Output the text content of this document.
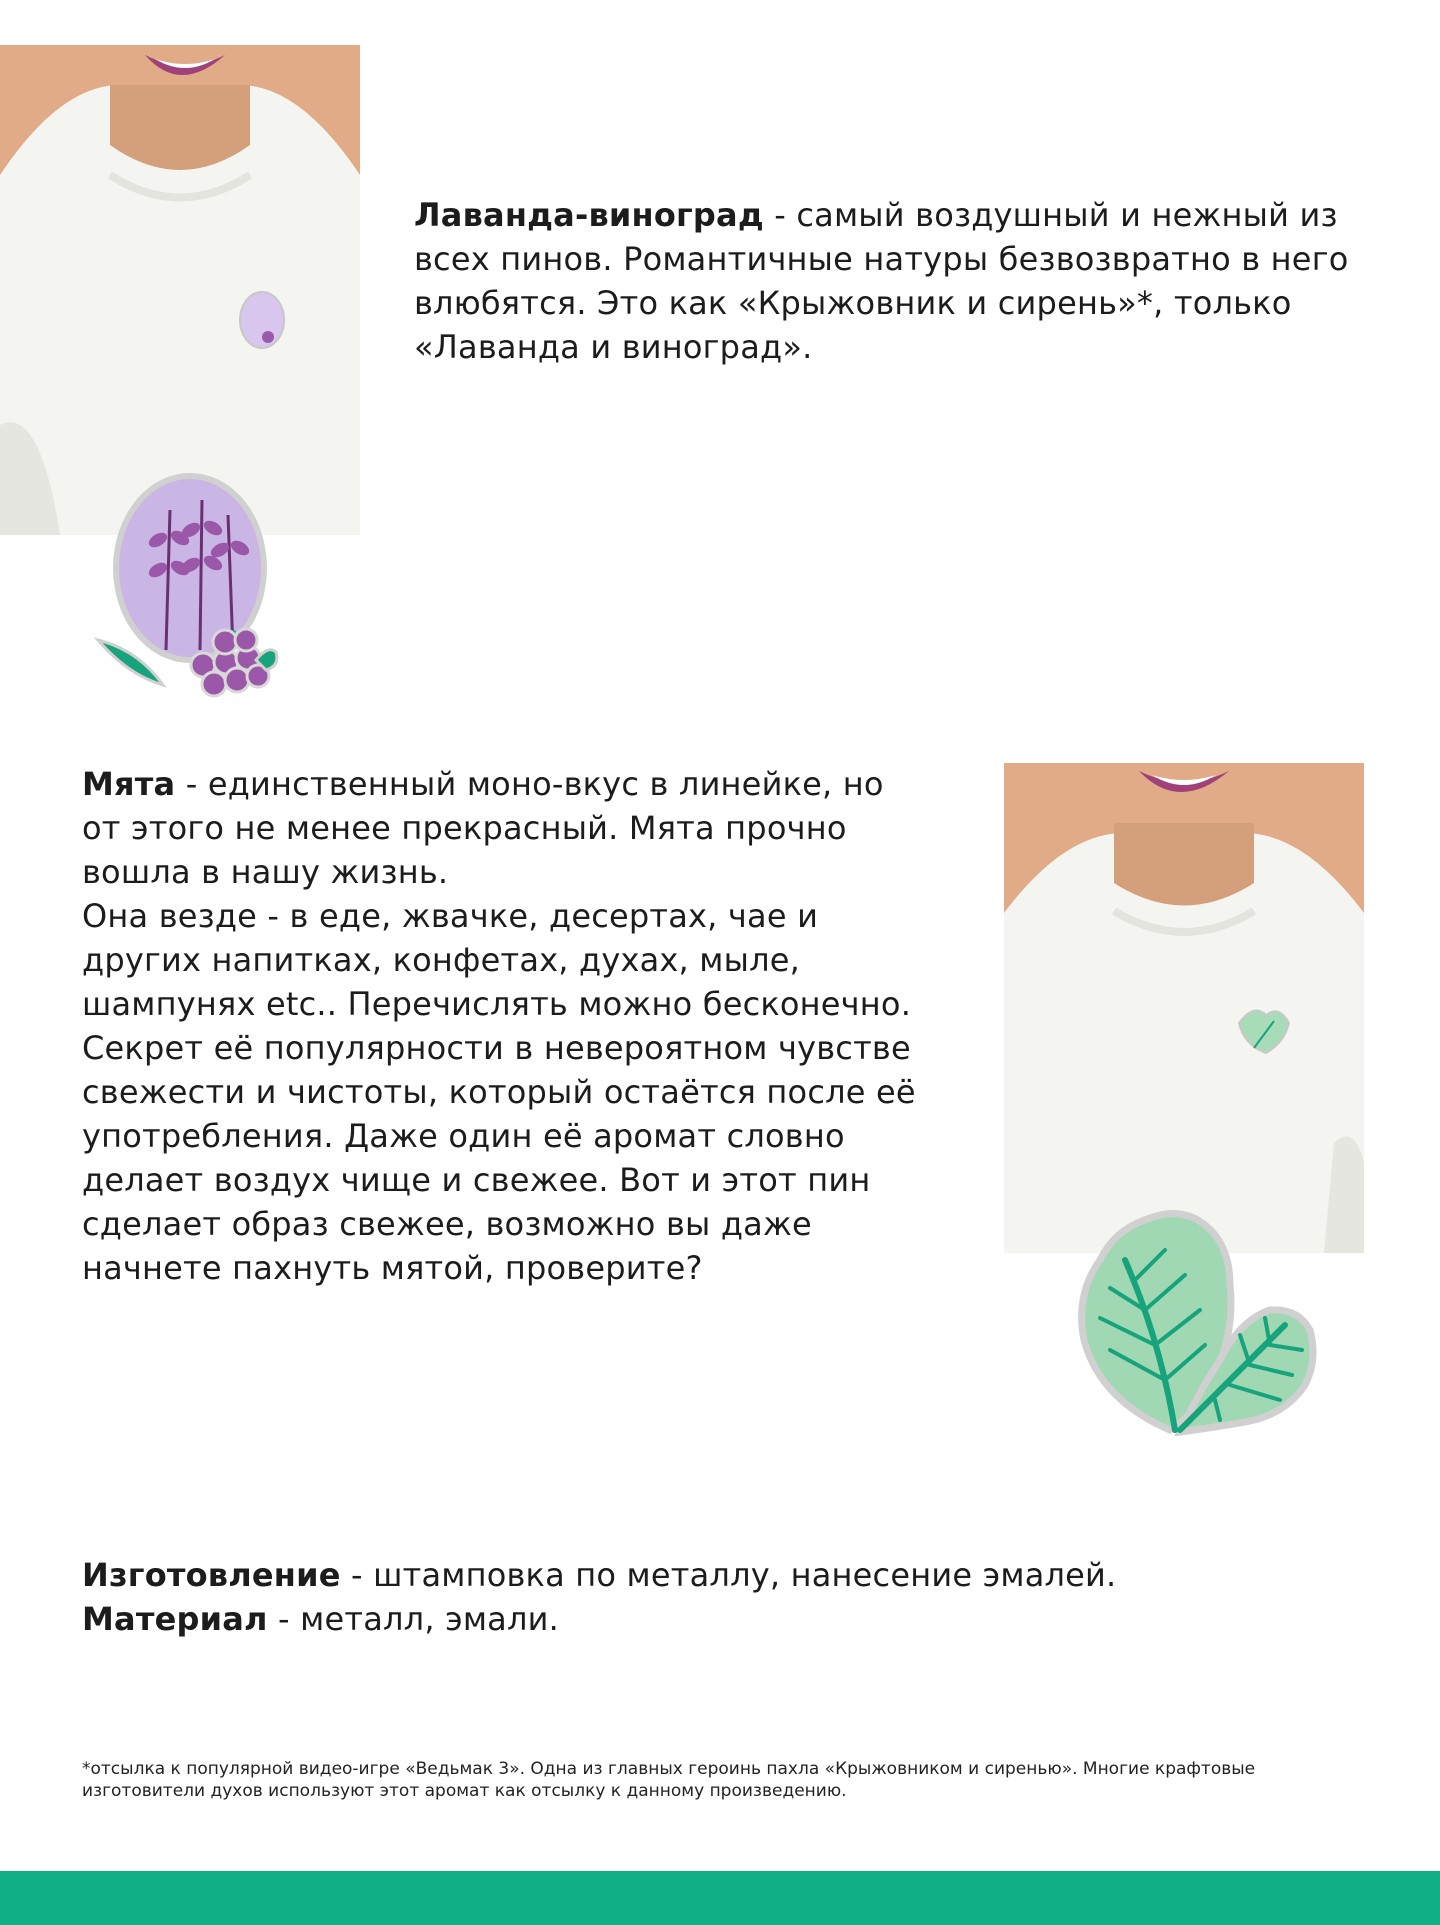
Лаванда-виноград - самый воздушный и нежный из всех пинов. Романтичные натуры безвозвратно в него влюбятся. Это как «Крыжовник и сирень»*, только «Лаванда и виноград».

Мята - единственный моно-вкус в линейке, но от этого не менее прекрасный. Мята прочно вошла в нашу жизнь.

Она везде - в еде, жвачке, десертах, чае и других напитках, конфетах, духах, мыле, шампунях etc.. Перечислять можно бесконечно. Секрет её популярности в невероятном чувстве свежести и чистоты, который остаётся после её употребления. Даже один её аромат словно делает воздух чище и свежее. Вот и этот пин сделает образ свежее, возможно вы даже начнете пахнуть мятой, проверите?

Изготовление - штамповка по металлу, нанесение эмалей.

Материал - металл, эмали.

*отсылка к популярной видео-игре «Ведьмак 3». Одна из главных героинь пахла «Крыжовником и сиренью». Многие крафтовые изготовители духов используют этот аромат как отсылку к данному произведению.
